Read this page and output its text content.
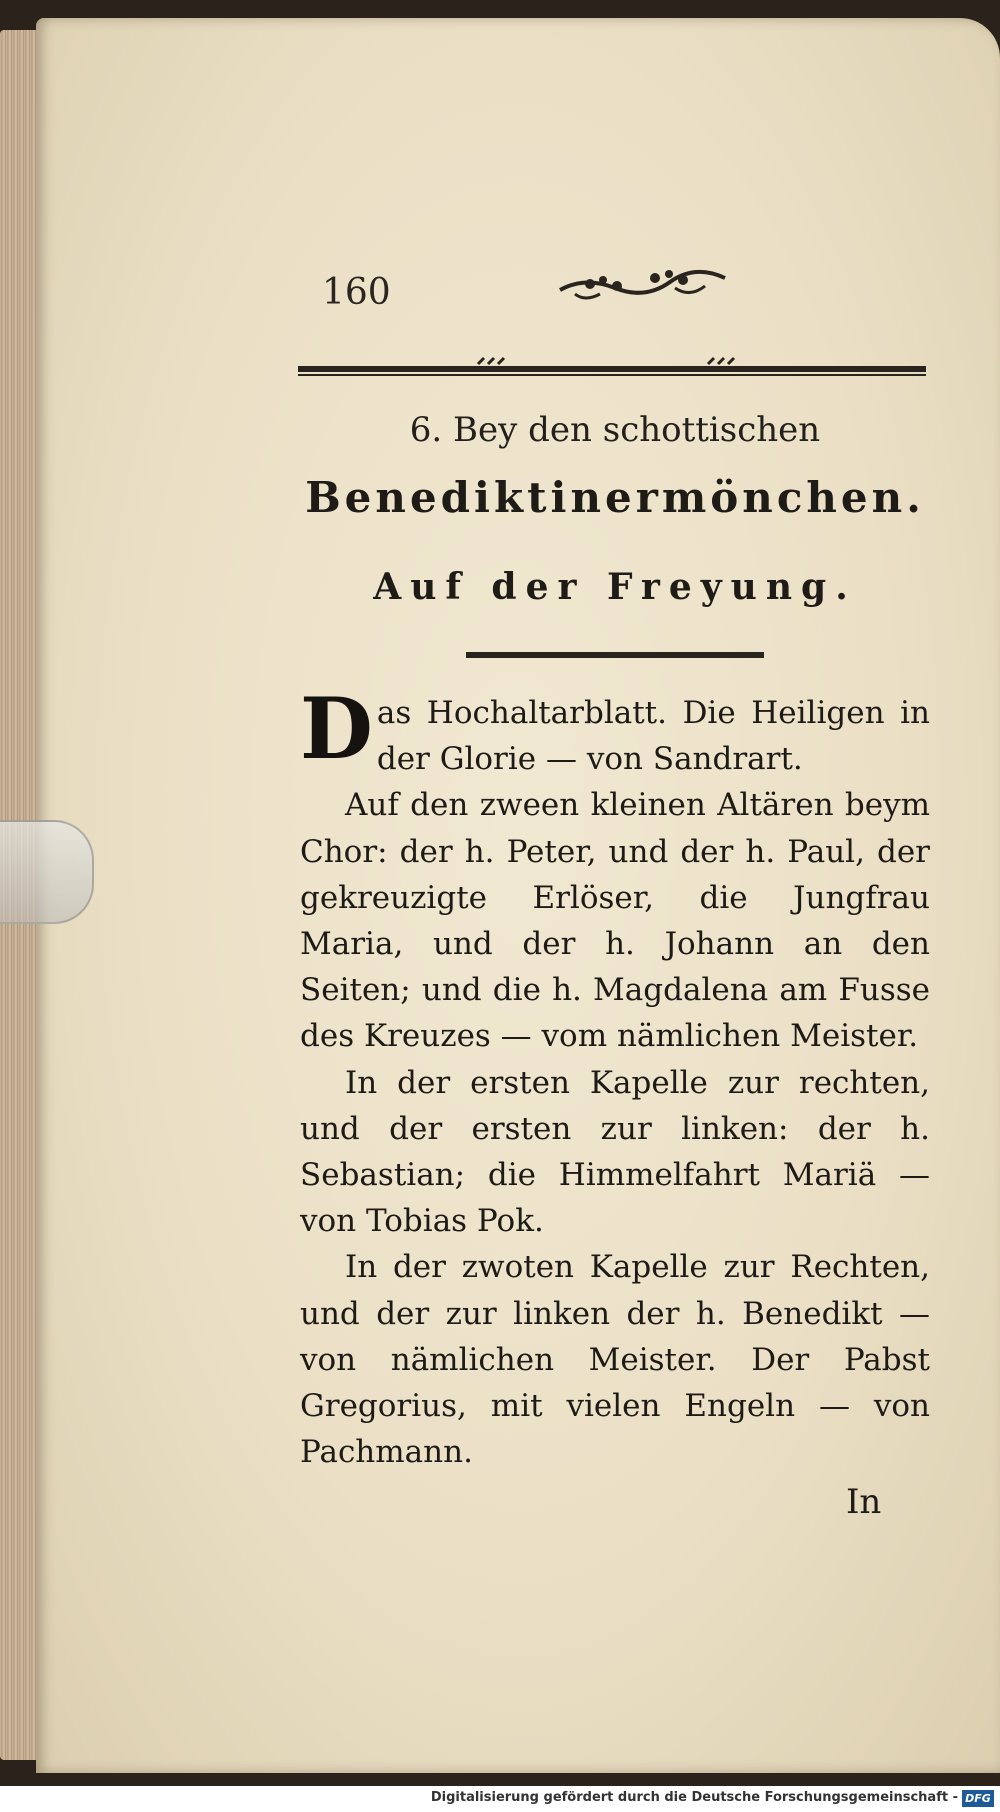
160
6. Bey den schottischen
Benediktinermönchen.
Auf der Freyung.

Das Hochaltarblatt. Die Heiligen in der Glorie — von Sandrart.

Auf den zween kleinen Altären beym Chor: der h. Peter, und der h. Paul, der gekreuzigte Erlöser, die Jungfrau Maria, und der h. Johann an den Seiten; und die h. Magdalena am Fusse des Kreuzes — vom nämlichen Meister.

In der ersten Kapelle zur rechten, und der ersten zur linken: der h. Sebastian; die Himmelfahrt Mariä — von Tobias Pok.

In der zwoten Kapelle zur Rechten, und der zur linken der h. Benedikt — von nämlichen Meister. Der Pabst Gregorius, mit vielen Engeln — von Pachmann.

In
Digitalisierung gefördert durch die Deutsche Forschungsgemeinschaft - DFG
